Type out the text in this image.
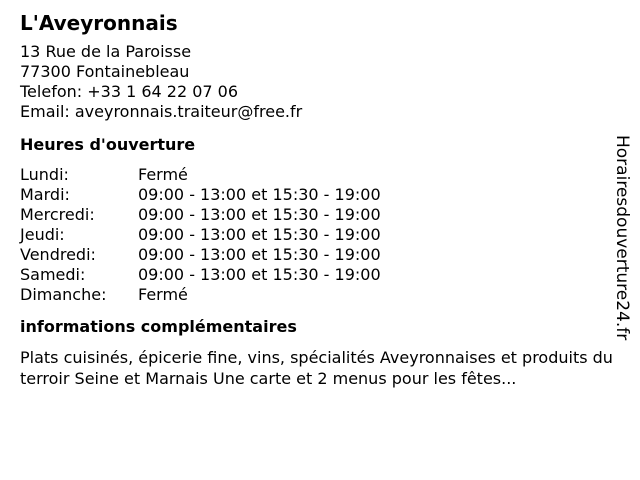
L'Aveyronnais
13 Rue de la Paroisse
77300 Fontainebleau
Telefon: +33 1 64 22 07 06
Email: aveyronnais.traiteur@free.fr
Heures d'ouverture
Lundi:	Fermé
Mardi:	09:00 - 13:00 et 15:30 - 19:00
Mercredi:	09:00 - 13:00 et 15:30 - 19:00
Jeudi:	09:00 - 13:00 et 15:30 - 19:00
Vendredi:	09:00 - 13:00 et 15:30 - 19:00
Samedi:	09:00 - 13:00 et 15:30 - 19:00
Dimanche:	Fermé
informations complémentaires
Plats cuisinés, épicerie fine, vins, spécialités Aveyronnaises et produits du terroir Seine et Marnais Une carte et 2 menus pour les fêtes...
Horairesdouverture24.fr
